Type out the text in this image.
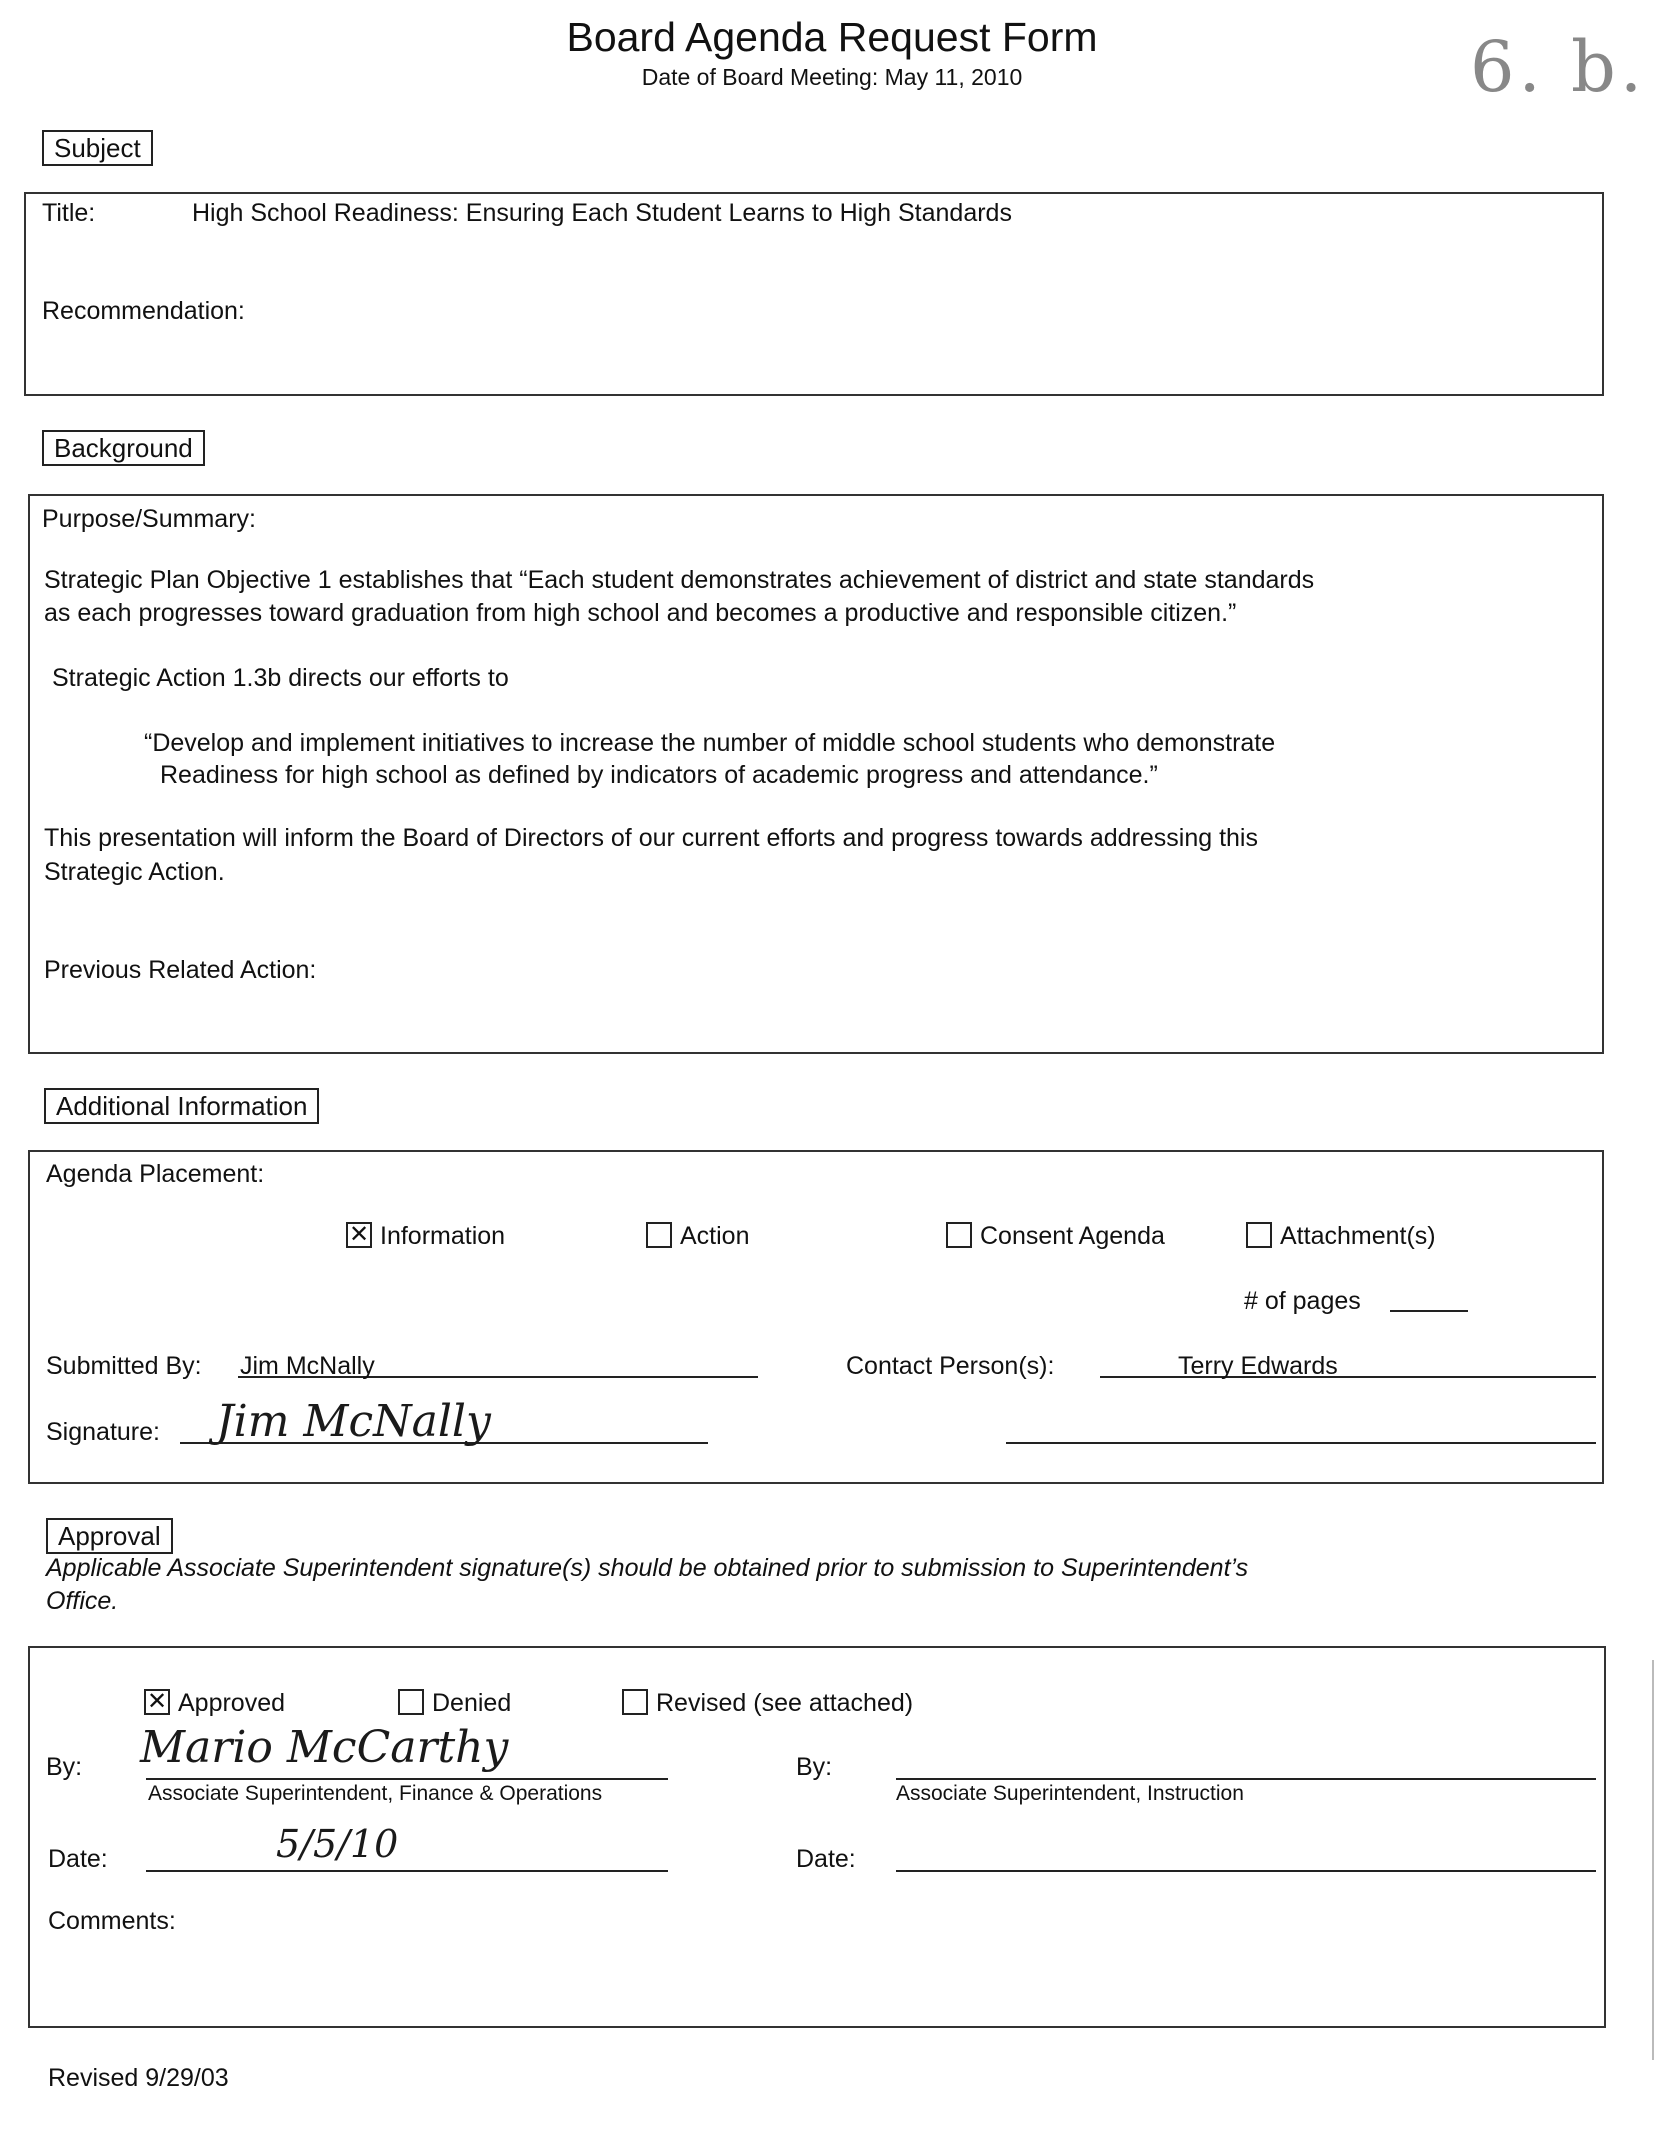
Board Agenda Request Form
Date of Board Meeting: May 11, 2010	6. b.
Subject
Title:	High School Readiness: Ensuring Each Student Learns to High Standards
Recommendation:
Background
Purpose/Summary:
Strategic Plan Objective 1 establishes that “Each student demonstrates achievement of district and state standards
as each progresses toward graduation from high school and becomes a productive and responsible citizen.”
Strategic Action 1.3b directs our efforts to
“Develop and implement initiatives to increase the number of middle school students who demonstrate
Readiness for high school as defined by indicators of academic progress and attendance.”
This presentation will inform the Board of Directors of our current efforts and progress towards addressing this
Strategic Action.
Previous Related Action:
Additional Information
Agenda Placement:
✕Information	Action	Consent Agenda	Attachment(s)
# of pages
Submitted By: Jim McNally	Contact Person(s):	Terry Edwards
Signature: Jim McNally
Approval
Applicable Associate Superintendent signature(s) should be obtained prior to submission to Superintendent’s
Office.
✕Approved	Denied	Revised (see attached)
By: Mario McCarthy
Associate Superintendent, Finance & Operations
By:
Associate Superintendent, Instruction
Date:	5/5/10	Date:
Comments:
Revised 9/29/03
